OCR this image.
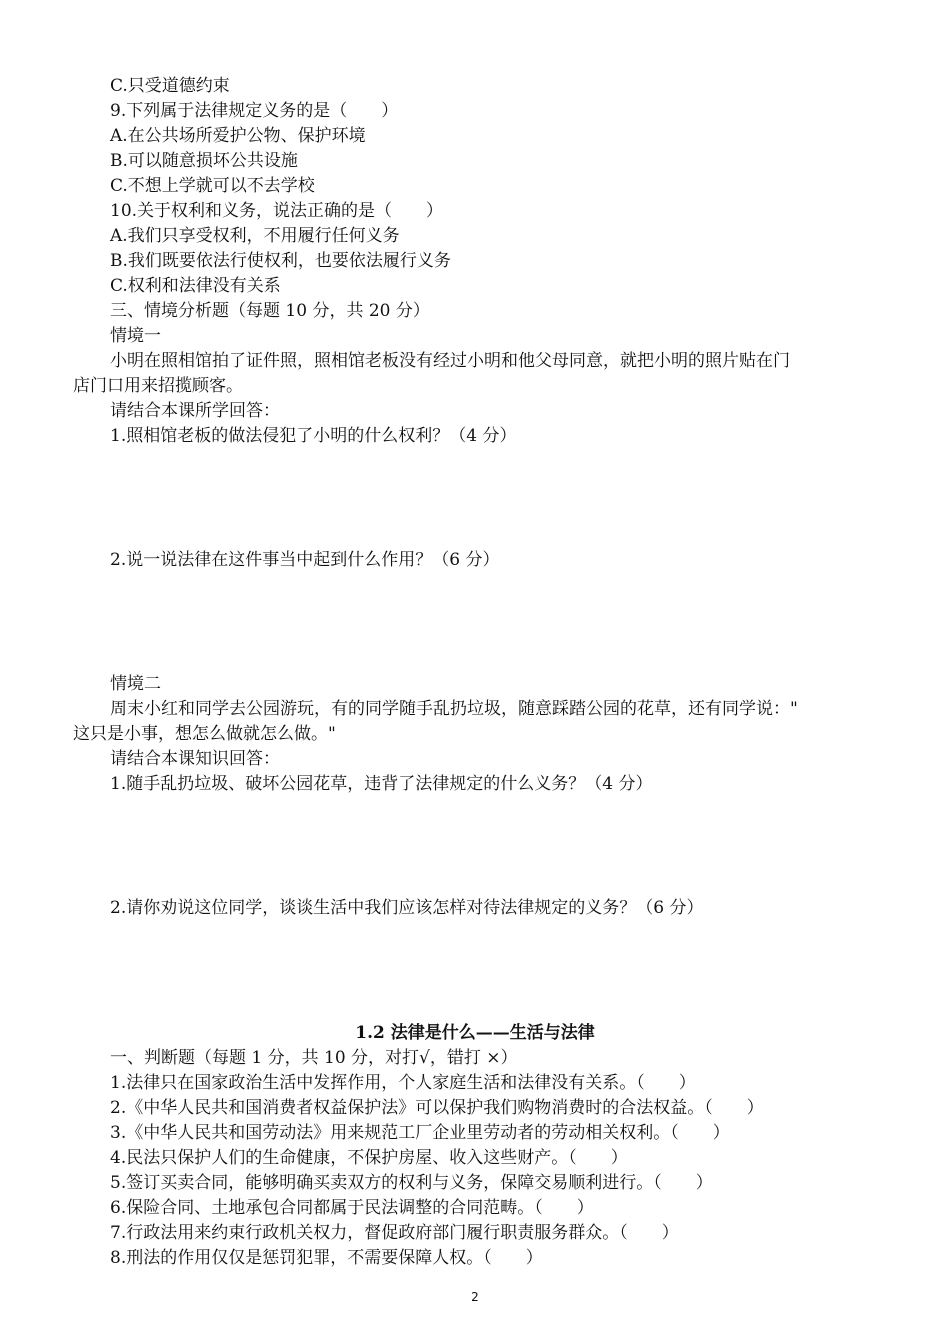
C.只受道德约束
9.下列属于法律规定义务的是（　　）
A.在公共场所爱护公物、保护环境
B.可以随意损坏公共设施
C.不想上学就可以不去学校
10.关于权利和义务，说法正确的是（　　）
A.我们只享受权利，不用履行任何义务
B.我们既要依法行使权利，也要依法履行义务
C.权利和法律没有关系
三、情境分析题（每题 10 分，共 20 分）
情境一
小明在照相馆拍了证件照，照相馆老板没有经过小明和他父母同意，就把小明的照片贴在门
店门口用来招揽顾客。
请结合本课所学回答：
1.照相馆老板的做法侵犯了小明的什么权利？（4 分）
2.说一说法律在这件事当中起到什么作用？（6 分）
情境二
周末小红和同学去公园游玩，有的同学随手乱扔垃圾，随意踩踏公园的花草，还有同学说："
这只是小事，想怎么做就怎么做。"
请结合本课知识回答：
1.随手乱扔垃圾、破坏公园花草，违背了法律规定的什么义务？（4 分）
2.请你劝说这位同学，谈谈生活中我们应该怎样对待法律规定的义务？（6 分）
1.2 法律是什么——生活与法律
一、判断题（每题 1 分，共 10 分，对打√，错打 ×）
1.法律只在国家政治生活中发挥作用，个人家庭生活和法律没有关系。（　　）
2.《中华人民共和国消费者权益保护法》可以保护我们购物消费时的合法权益。（　　）
3.《中华人民共和国劳动法》用来规范工厂企业里劳动者的劳动相关权利。（　　）
4.民法只保护人们的生命健康，不保护房屋、收入这些财产。（　　）
5.签订买卖合同，能够明确买卖双方的权利与义务，保障交易顺利进行。（　　）
6.保险合同、土地承包合同都属于民法调整的合同范畴。（　　）
7.行政法用来约束行政机关权力，督促政府部门履行职责服务群众。（　　）
8.刑法的作用仅仅是惩罚犯罪，不需要保障人权。（　　）
2
